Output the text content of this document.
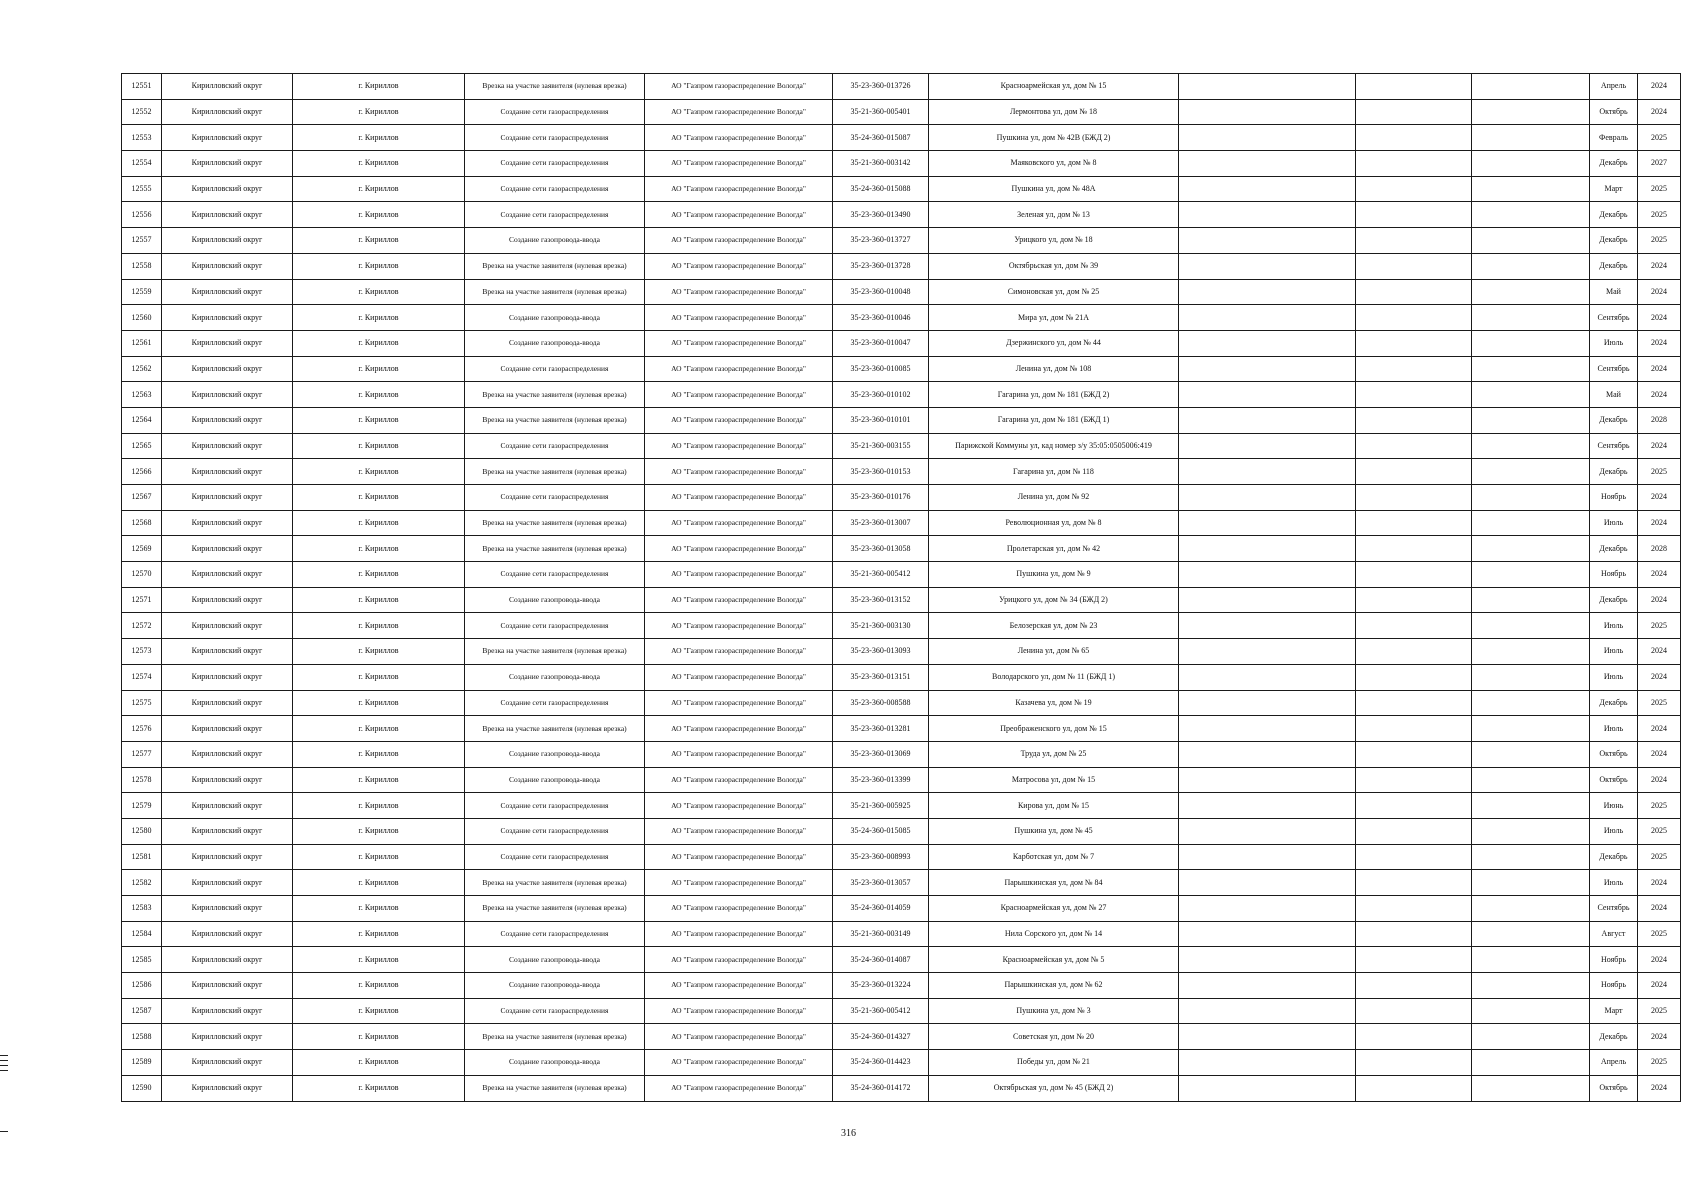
12551	Кирилловский округ	г. Кириллов	Врезка на участке заявителя (нулевая врезка)	АО "Газпром газораспределение Вологда"	35-23-360-013726	Красноармейская ул, дом № 15				Апрель	2024
12552	Кирилловский округ	г. Кириллов	Создание сети газораспределения	АО "Газпром газораспределение Вологда"	35-21-360-005401	Лермонтова ул, дом № 18				Октябрь	2024
12553	Кирилловский округ	г. Кириллов	Создание сети газораспределения	АО "Газпром газораспределение Вологда"	35-24-360-015087	Пушкина ул, дом № 42В (БЖД 2)				Февраль	2025
12554	Кирилловский округ	г. Кириллов	Создание сети газораспределения	АО "Газпром газораспределение Вологда"	35-21-360-003142	Маяковского ул, дом № 8				Декабрь	2027
12555	Кирилловский округ	г. Кириллов	Создание сети газораспределения	АО "Газпром газораспределение Вологда"	35-24-360-015088	Пушкина ул, дом № 48А				Март	2025
12556	Кирилловский округ	г. Кириллов	Создание сети газораспределения	АО "Газпром газораспределение Вологда"	35-23-360-013490	Зеленая ул, дом № 13				Декабрь	2025
12557	Кирилловский округ	г. Кириллов	Создание газопровода-ввода	АО "Газпром газораспределение Вологда"	35-23-360-013727	Урицкого ул, дом № 18				Декабрь	2025
12558	Кирилловский округ	г. Кириллов	Врезка на участке заявителя (нулевая врезка)	АО "Газпром газораспределение Вологда"	35-23-360-013728	Октябрьская ул, дом № 39				Декабрь	2024
12559	Кирилловский округ	г. Кириллов	Врезка на участке заявителя (нулевая врезка)	АО "Газпром газораспределение Вологда"	35-23-360-010048	Симоновская ул, дом № 25				Май	2024
12560	Кирилловский округ	г. Кириллов	Создание газопровода-ввода	АО "Газпром газораспределение Вологда"	35-23-360-010046	Мира ул, дом № 21А				Сентябрь	2024
12561	Кирилловский округ	г. Кириллов	Создание газопровода-ввода	АО "Газпром газораспределение Вологда"	35-23-360-010047	Дзержинского ул, дом № 44				Июль	2024
12562	Кирилловский округ	г. Кириллов	Создание сети газораспределения	АО "Газпром газораспределение Вологда"	35-23-360-010085	Ленина ул, дом № 108				Сентябрь	2024
12563	Кирилловский округ	г. Кириллов	Врезка на участке заявителя (нулевая врезка)	АО "Газпром газораспределение Вологда"	35-23-360-010102	Гагарина ул, дом № 181 (БЖД 2)				Май	2024
12564	Кирилловский округ	г. Кириллов	Врезка на участке заявителя (нулевая врезка)	АО "Газпром газораспределение Вологда"	35-23-360-010101	Гагарина ул, дом № 181 (БЖД 1)				Декабрь	2028
12565	Кирилловский округ	г. Кириллов	Создание сети газораспределения	АО "Газпром газораспределение Вологда"	35-21-360-003155	Парижской Коммуны ул, кад номер з/у 35:05:0505006:419				Сентябрь	2024
12566	Кирилловский округ	г. Кириллов	Врезка на участке заявителя (нулевая врезка)	АО "Газпром газораспределение Вологда"	35-23-360-010153	Гагарина ул, дом № 118				Декабрь	2025
12567	Кирилловский округ	г. Кириллов	Создание сети газораспределения	АО "Газпром газораспределение Вологда"	35-23-360-010176	Ленина ул, дом № 92				Ноябрь	2024
12568	Кирилловский округ	г. Кириллов	Врезка на участке заявителя (нулевая врезка)	АО "Газпром газораспределение Вологда"	35-23-360-013007	Революционная ул, дом № 8				Июль	2024
12569	Кирилловский округ	г. Кириллов	Врезка на участке заявителя (нулевая врезка)	АО "Газпром газораспределение Вологда"	35-23-360-013058	Пролетарская ул, дом № 42				Декабрь	2028
12570	Кирилловский округ	г. Кириллов	Создание сети газораспределения	АО "Газпром газораспределение Вологда"	35-21-360-005412	Пушкина ул, дом № 9				Ноябрь	2024
12571	Кирилловский округ	г. Кириллов	Создание газопровода-ввода	АО "Газпром газораспределение Вологда"	35-23-360-013152	Урицкого ул, дом № 34 (БЖД 2)				Декабрь	2024
12572	Кирилловский округ	г. Кириллов	Создание сети газораспределения	АО "Газпром газораспределение Вологда"	35-21-360-003130	Белозерская ул, дом № 23				Июль	2025
12573	Кирилловский округ	г. Кириллов	Врезка на участке заявителя (нулевая врезка)	АО "Газпром газораспределение Вологда"	35-23-360-013093	Ленина ул, дом № 65				Июль	2024
12574	Кирилловский округ	г. Кириллов	Создание газопровода-ввода	АО "Газпром газораспределение Вологда"	35-23-360-013151	Володарского ул, дом № 11 (БЖД 1)				Июль	2024
12575	Кирилловский округ	г. Кириллов	Создание сети газораспределения	АО "Газпром газораспределение Вологда"	35-23-360-008588	Казачева ул, дом № 19				Декабрь	2025
12576	Кирилловский округ	г. Кириллов	Врезка на участке заявителя (нулевая врезка)	АО "Газпром газораспределение Вологда"	35-23-360-013281	Преображенского ул, дом № 15				Июль	2024
12577	Кирилловский округ	г. Кириллов	Создание газопровода-ввода	АО "Газпром газораспределение Вологда"	35-23-360-013069	Труда ул, дом № 25				Октябрь	2024
12578	Кирилловский округ	г. Кириллов	Создание газопровода-ввода	АО "Газпром газораспределение Вологда"	35-23-360-013399	Матросова ул, дом № 15				Октябрь	2024
12579	Кирилловский округ	г. Кириллов	Создание сети газораспределения	АО "Газпром газораспределение Вологда"	35-21-360-005925	Кирова ул, дом № 15				Июнь	2025
12580	Кирилловский округ	г. Кириллов	Создание сети газораспределения	АО "Газпром газораспределение Вологда"	35-24-360-015085	Пушкина ул, дом № 45				Июль	2025
12581	Кирилловский округ	г. Кириллов	Создание сети газораспределения	АО "Газпром газораспределение Вологда"	35-23-360-008993	Карботская ул, дом № 7				Декабрь	2025
12582	Кирилловский округ	г. Кириллов	Врезка на участке заявителя (нулевая врезка)	АО "Газпром газораспределение Вологда"	35-23-360-013057	Парышкинская ул, дом № 84				Июль	2024
12583	Кирилловский округ	г. Кириллов	Врезка на участке заявителя (нулевая врезка)	АО "Газпром газораспределение Вологда"	35-24-360-014059	Красноармейская ул, дом № 27				Сентябрь	2024
12584	Кирилловский округ	г. Кириллов	Создание сети газораспределения	АО "Газпром газораспределение Вологда"	35-21-360-003149	Нила Сорского ул, дом № 14				Август	2025
12585	Кирилловский округ	г. Кириллов	Создание газопровода-ввода	АО "Газпром газораспределение Вологда"	35-24-360-014087	Красноармейская ул, дом № 5				Ноябрь	2024
12586	Кирилловский округ	г. Кириллов	Создание газопровода-ввода	АО "Газпром газораспределение Вологда"	35-23-360-013224	Парышкинская ул, дом № 62				Ноябрь	2024
12587	Кирилловский округ	г. Кириллов	Создание сети газораспределения	АО "Газпром газораспределение Вологда"	35-21-360-005412	Пушкина ул, дом № 3				Март	2025
12588	Кирилловский округ	г. Кириллов	Врезка на участке заявителя (нулевая врезка)	АО "Газпром газораспределение Вологда"	35-24-360-014327	Советская ул, дом № 20				Декабрь	2024
12589	Кирилловский округ	г. Кириллов	Создание газопровода-ввода	АО "Газпром газораспределение Вологда"	35-24-360-014423	Победы ул, дом № 21				Апрель	2025
12590	Кирилловский округ	г. Кириллов	Врезка на участке заявителя (нулевая врезка)	АО "Газпром газораспределение Вологда"	35-24-360-014172	Октябрьская ул, дом № 45 (БЖД 2)				Октябрь	2024
316
